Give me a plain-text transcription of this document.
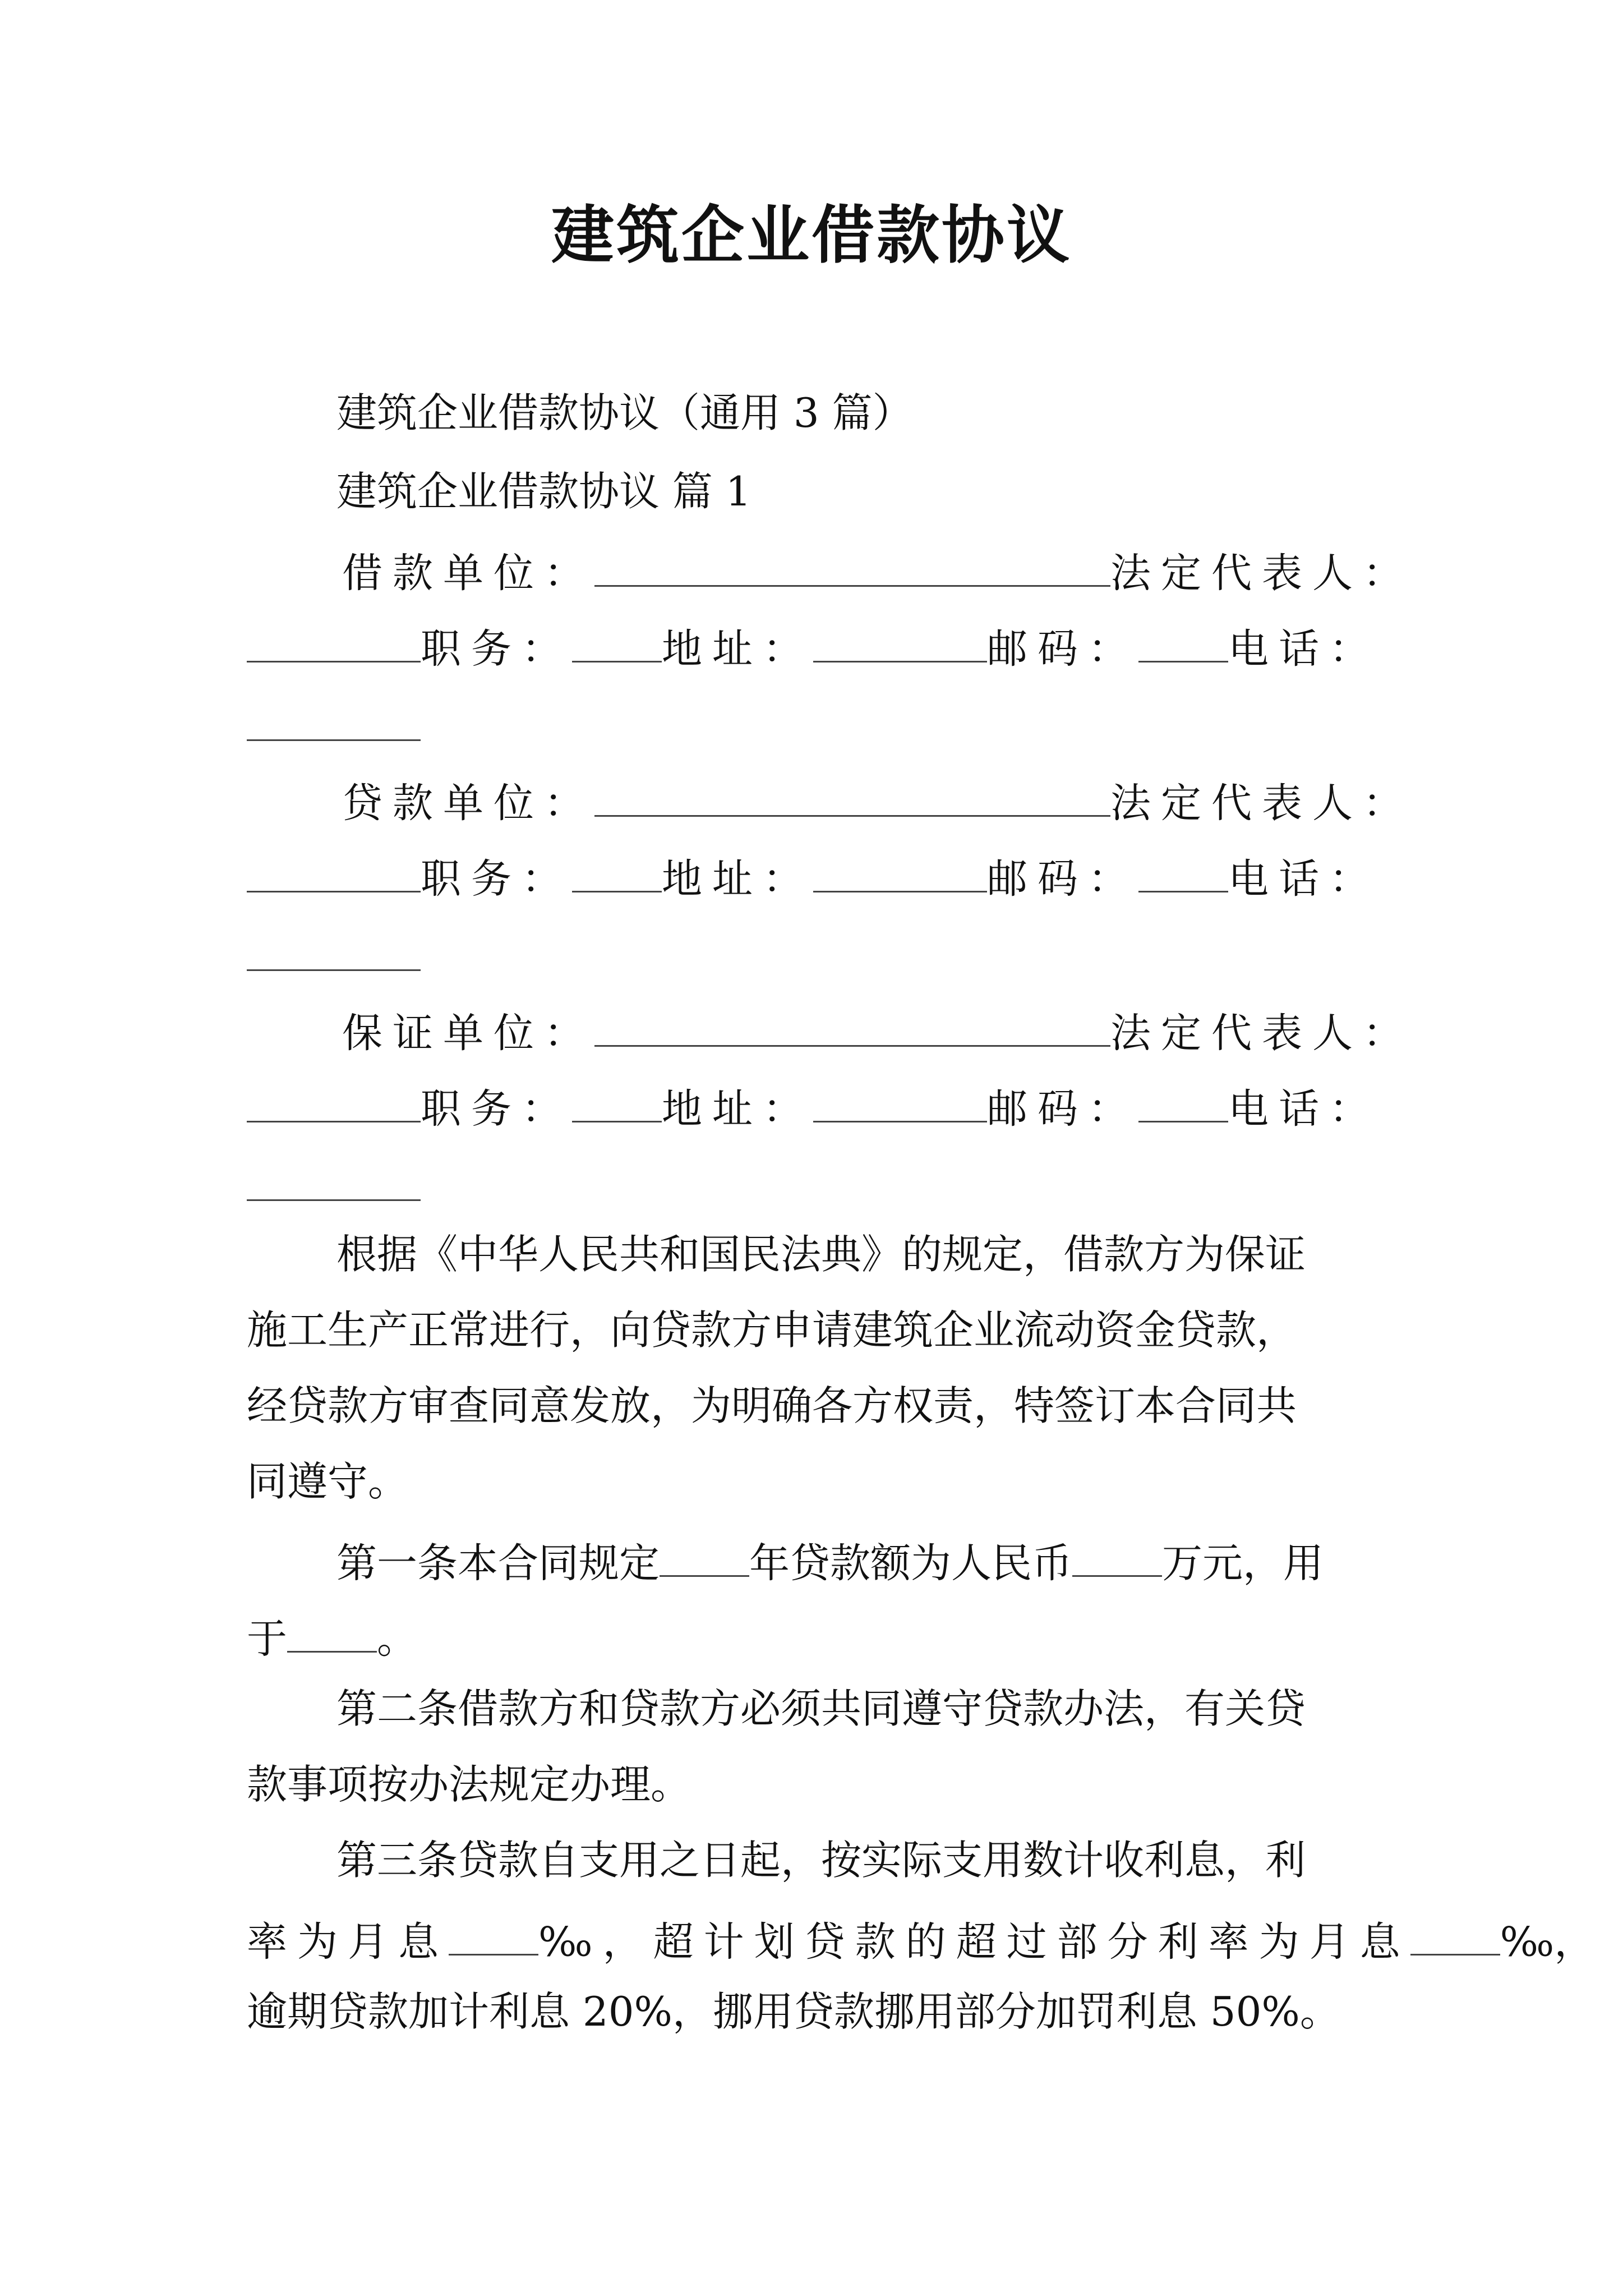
建筑企业借款协议
建筑企业借款协议（通用 3 篇）
建筑企业借款协议 篇 1
借款单位：	法定代表人：
职务： 地址：	邮码： 电话：
贷款单位：	法定代表人：
职务： 地址：	邮码： 电话：
保证单位：	法定代表人：
职务： 地址：	邮码： 电话：
根据《中华人民共和国民法典》的规定，借款方为保证
施工生产正常进行，向贷款方申请建筑企业流动资金贷款，
经贷款方审查同意发放，为明确各方权责，特签订本合同共
同遵守。
第一条本合同规定 年贷款额为人民币 万元，用
于 。
第二条借款方和贷款方必须共同遵守贷款办法，有关贷
款事项按办法规定办理。
第三条贷款自支用之日起，按实际支用数计收利息，利
率为月息 ‰，超计划贷款的超过部分利率为月息 ‰，
逾期贷款加计利息 20%，挪用贷款挪用部分加罚利息 50%。
